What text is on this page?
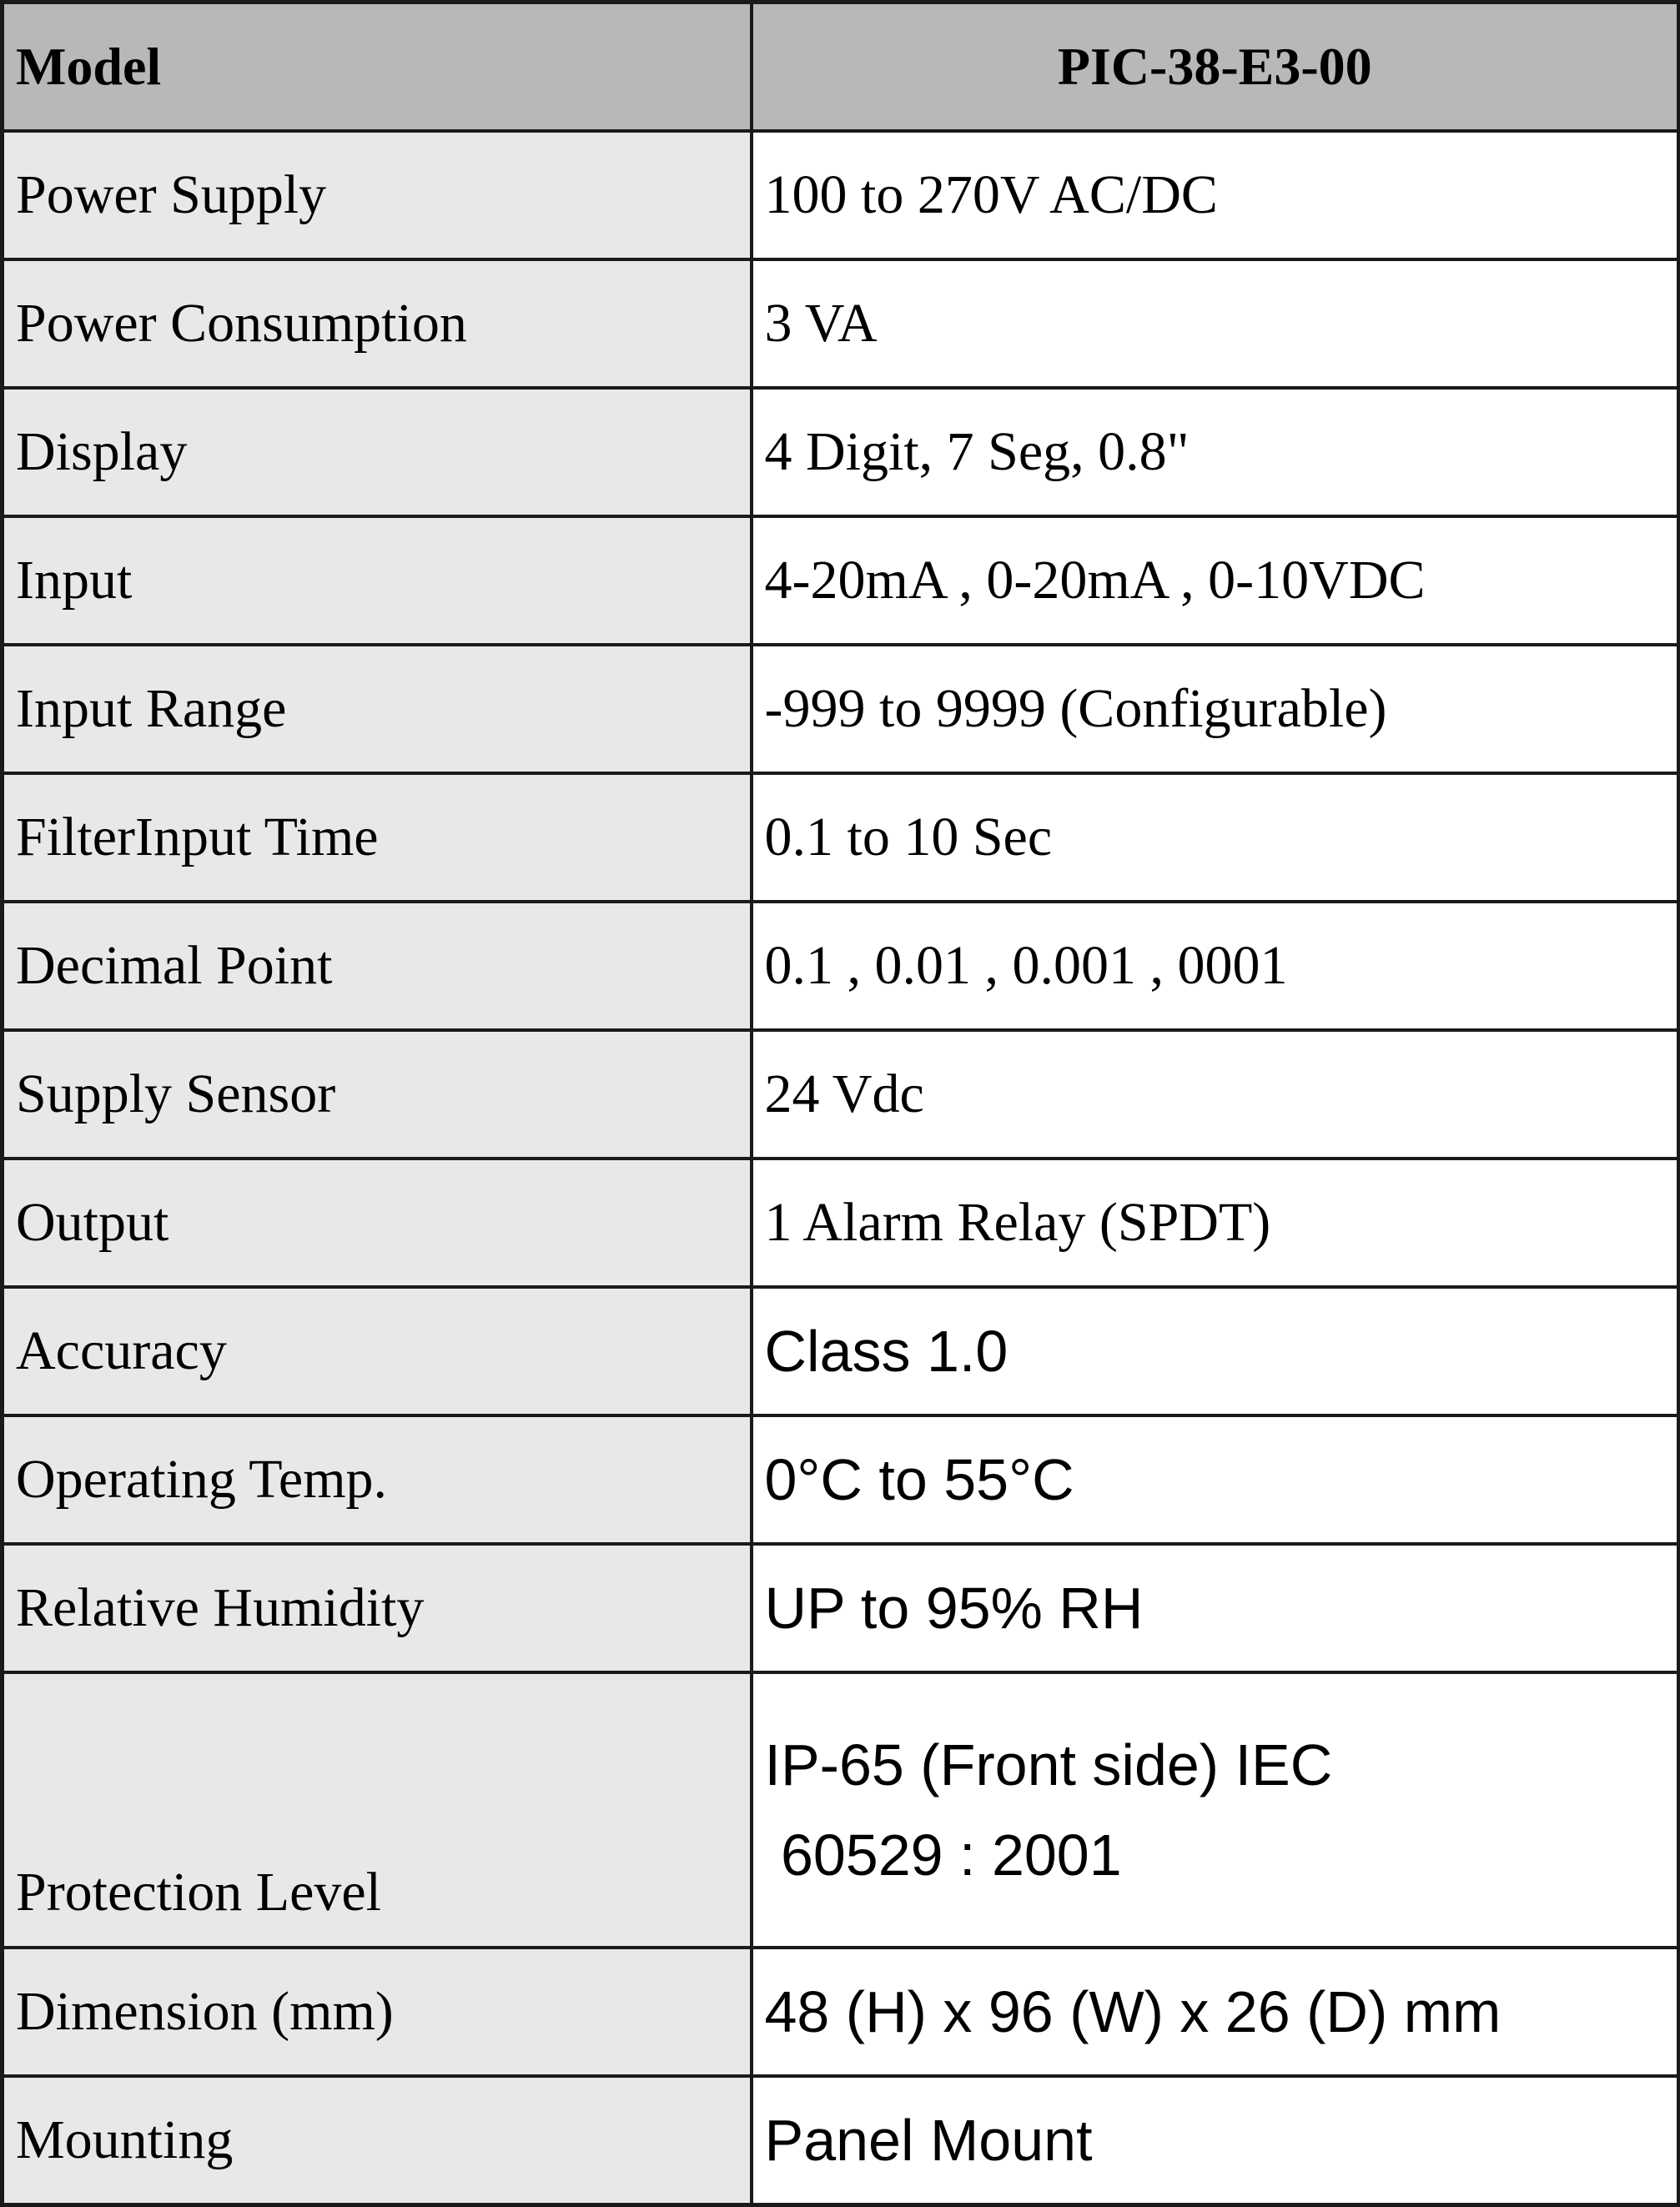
Model	PIC-38-E3-00
Power Supply	100 to 270V AC/DC
Power Consumption	3 VA
Display	4 Digit, 7 Seg, 0.8"
Input	4-20mA , 0-20mA , 0-10VDC
Input Range	-999 to 9999 (Configurable)
FilterInput Time	0.1 to 10 Sec
Decimal Point	0.1 , 0.01 , 0.001 , 0001
Supply Sensor	24 Vdc
Output	1 Alarm Relay (SPDT)
Accuracy	Class 1.0
Operating Temp.	0°C to 55°C
Relative Humidity	UP to 95% RH
Protection Level	IP-65 (Front side) IEC
60529 : 2001

Dimension (mm)	48 (H) x 96 (W) x 26 (D) mm
Mounting	Panel Mount
